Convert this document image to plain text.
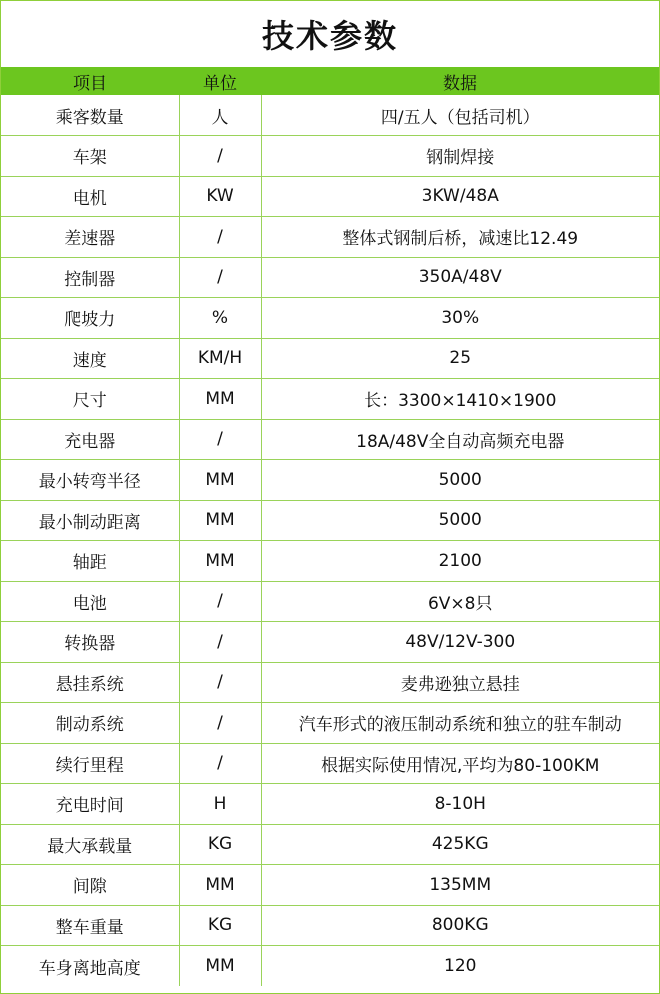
技术参数
项目	单位	数据
乘客数量	人	四/五人（包括司机）
车架	/	钢制焊接
电机	KW	3KW/48A
差速器	/	整体式钢制后桥，减速比12.49
控制器	/	350A/48V
爬坡力	%	30%
速度	KM/H	25
尺寸	MM	长：3300×1410×1900
充电器	/	18A/48V全自动高频充电器
最小转弯半径	MM	5000
最小制动距离	MM	5000
轴距	MM	2100
电池	/	6V×8只
转换器	/	48V/12V-300
悬挂系统	/	麦弗逊独立悬挂
制动系统	/	汽车形式的液压制动系统和独立的驻车制动
续行里程	/	根据实际使用情况,平均为80-100KM
充电时间	H	8-10H
最大承载量	KG	425KG
间隙	MM	135MM
整车重量	KG	800KG
车身离地高度	MM	120
